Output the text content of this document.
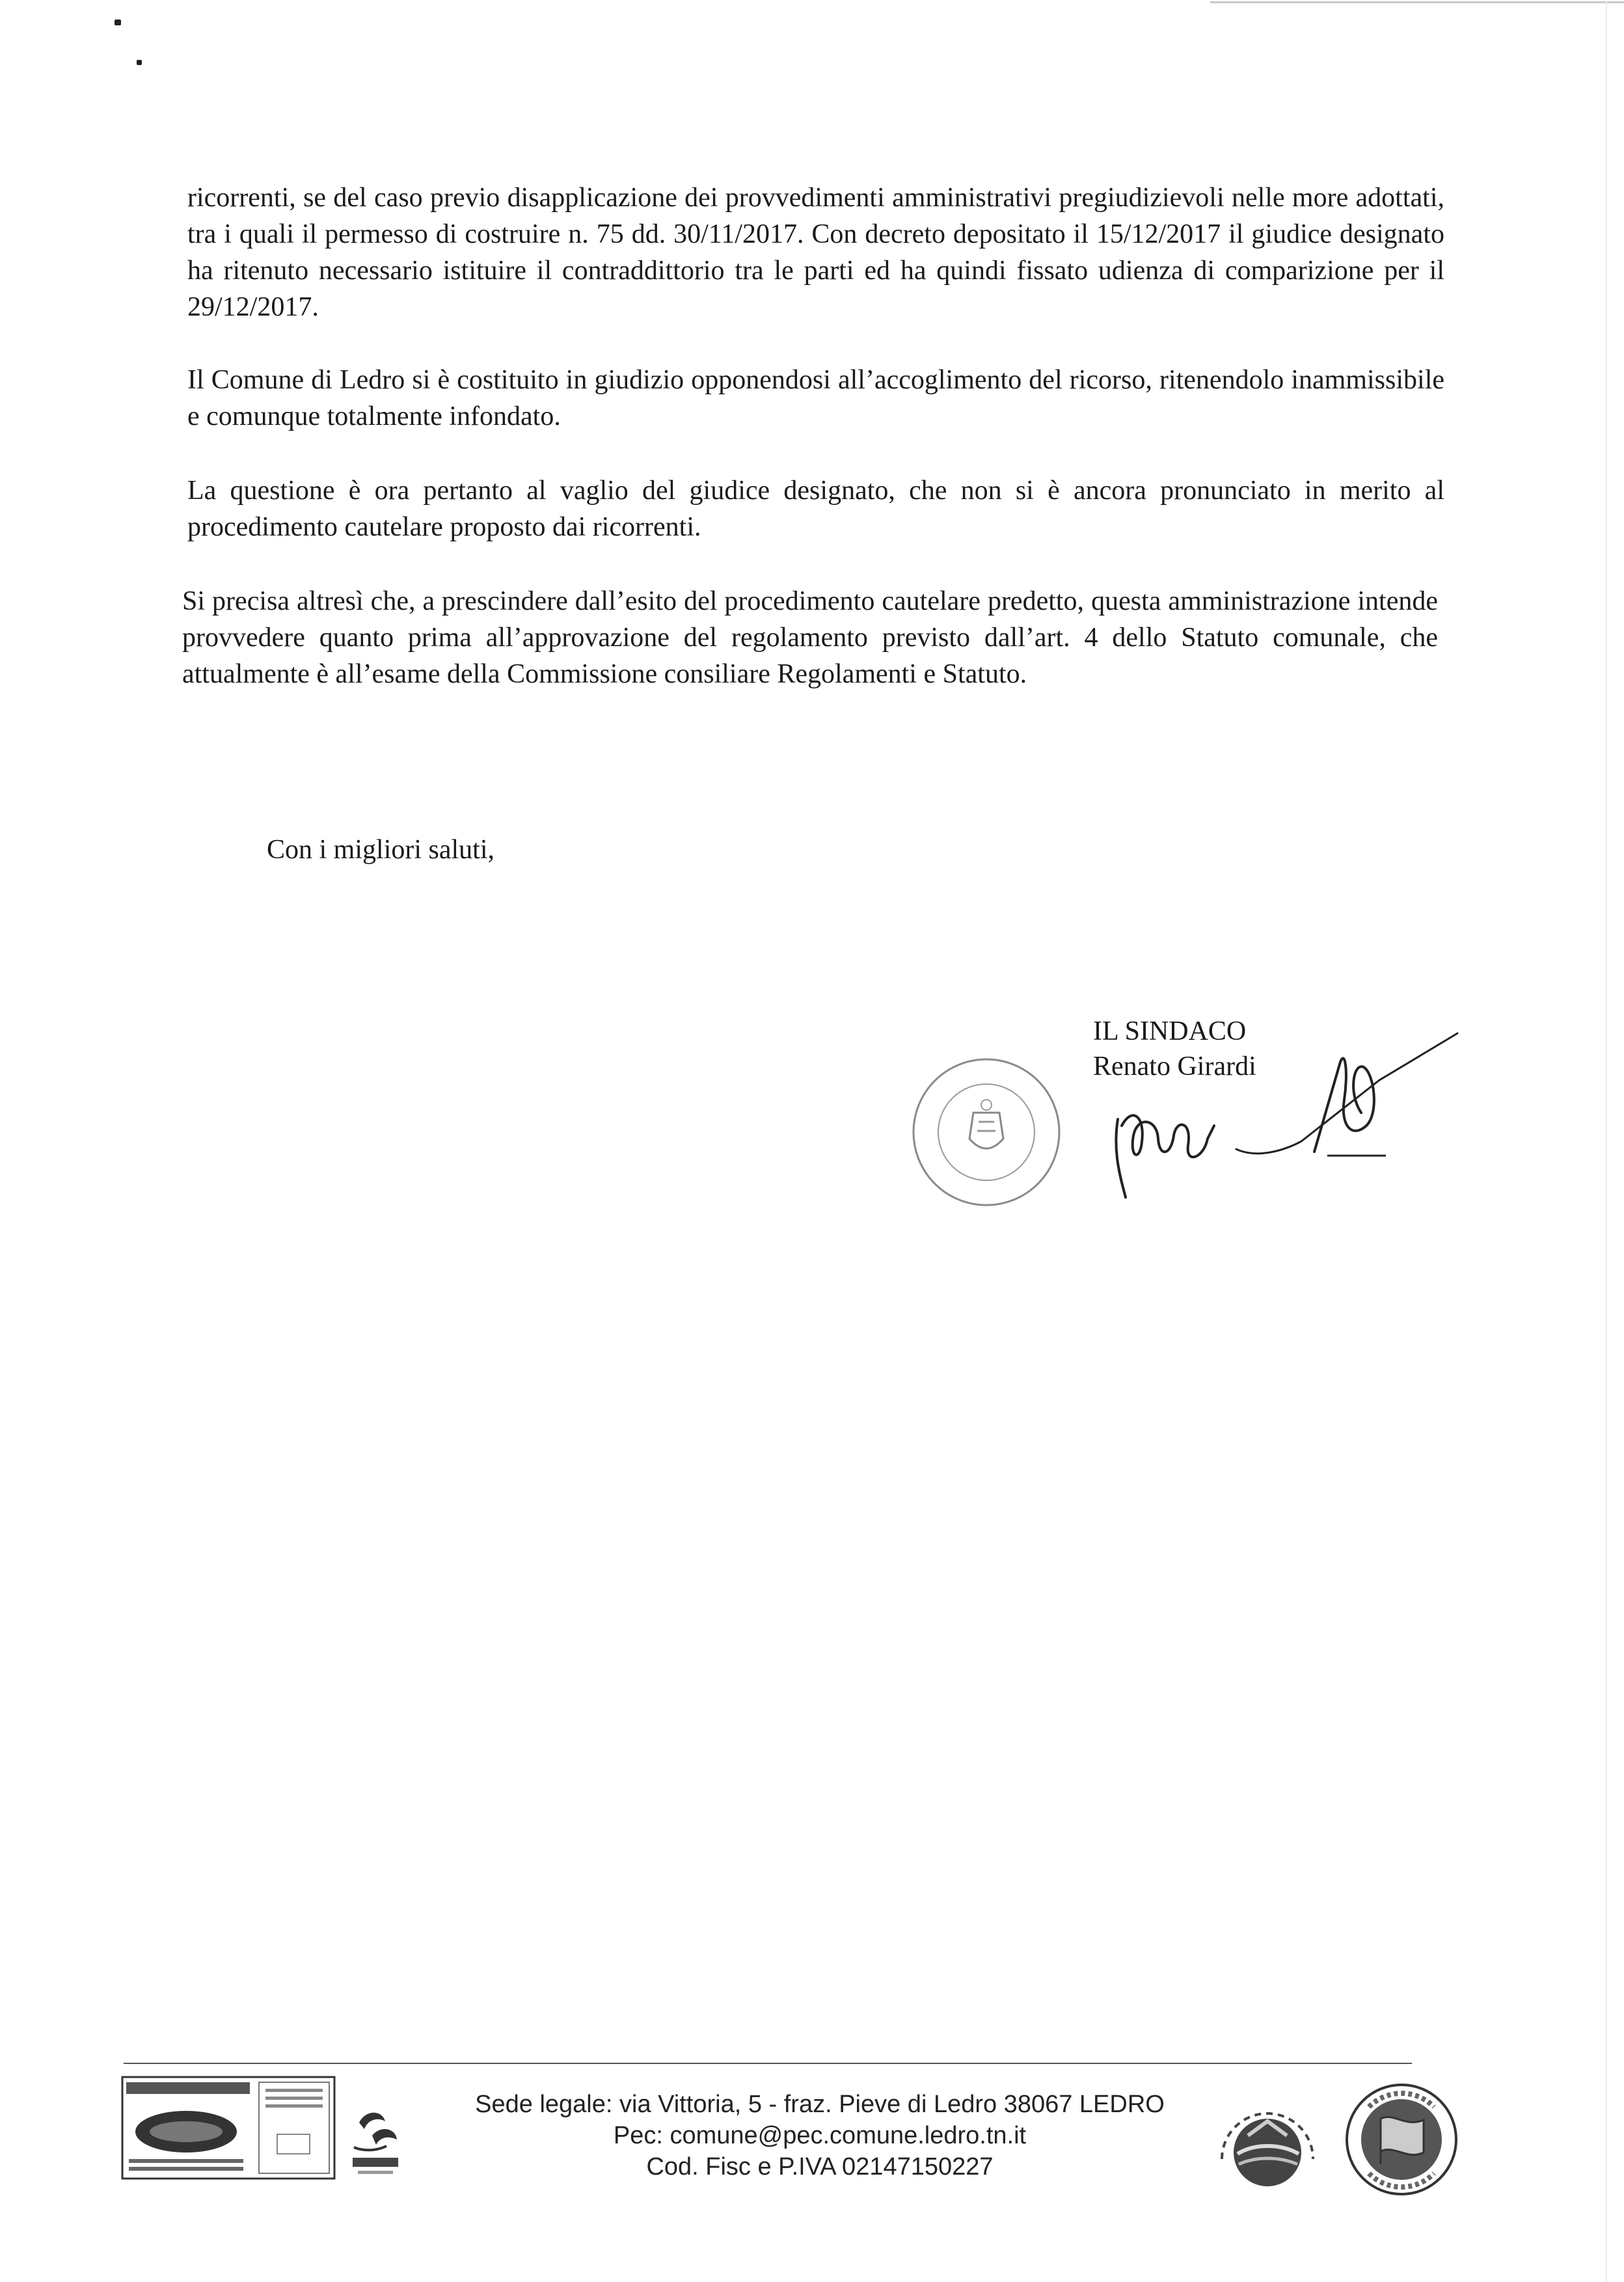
ricorrenti, se del caso previo disapplicazione dei provvedimenti amministrativi pregiudizievoli nelle more adottati, tra i quali il permesso di costruire n. 75 dd. 30/11/2017. Con decreto depositato il 15/12/2017 il giudice designato ha ritenuto necessario istituire il contraddittorio tra le parti ed ha quindi fissato udienza di comparizione per il 29/12/2017.

Il Comune di Ledro si è costituito in giudizio opponendosi all’accoglimento del ricorso, ritenendolo inammissibile e comunque totalmente infondato.

La questione è ora pertanto al vaglio del giudice designato, che non si è ancora pronunciato in merito al procedimento cautelare proposto dai ricorrenti.

Si precisa altresì che, a prescindere dall’esito del procedimento cautelare predetto, questa amministrazione intende provvedere quanto prima all’approvazione del regolamento previsto dall’art. 4 dello Statuto comunale, che attualmente è all’esame della Commissione consiliare Regolamenti e Statuto.

Con i migliori saluti,

IL SINDACO
Renato Girardi
Sede legale: via Vittoria, 5 - fraz. Pieve di Ledro 38067 LEDRO
Pec: comune@pec.comune.ledro.tn.it
Cod. Fisc e P.IVA 02147150227
